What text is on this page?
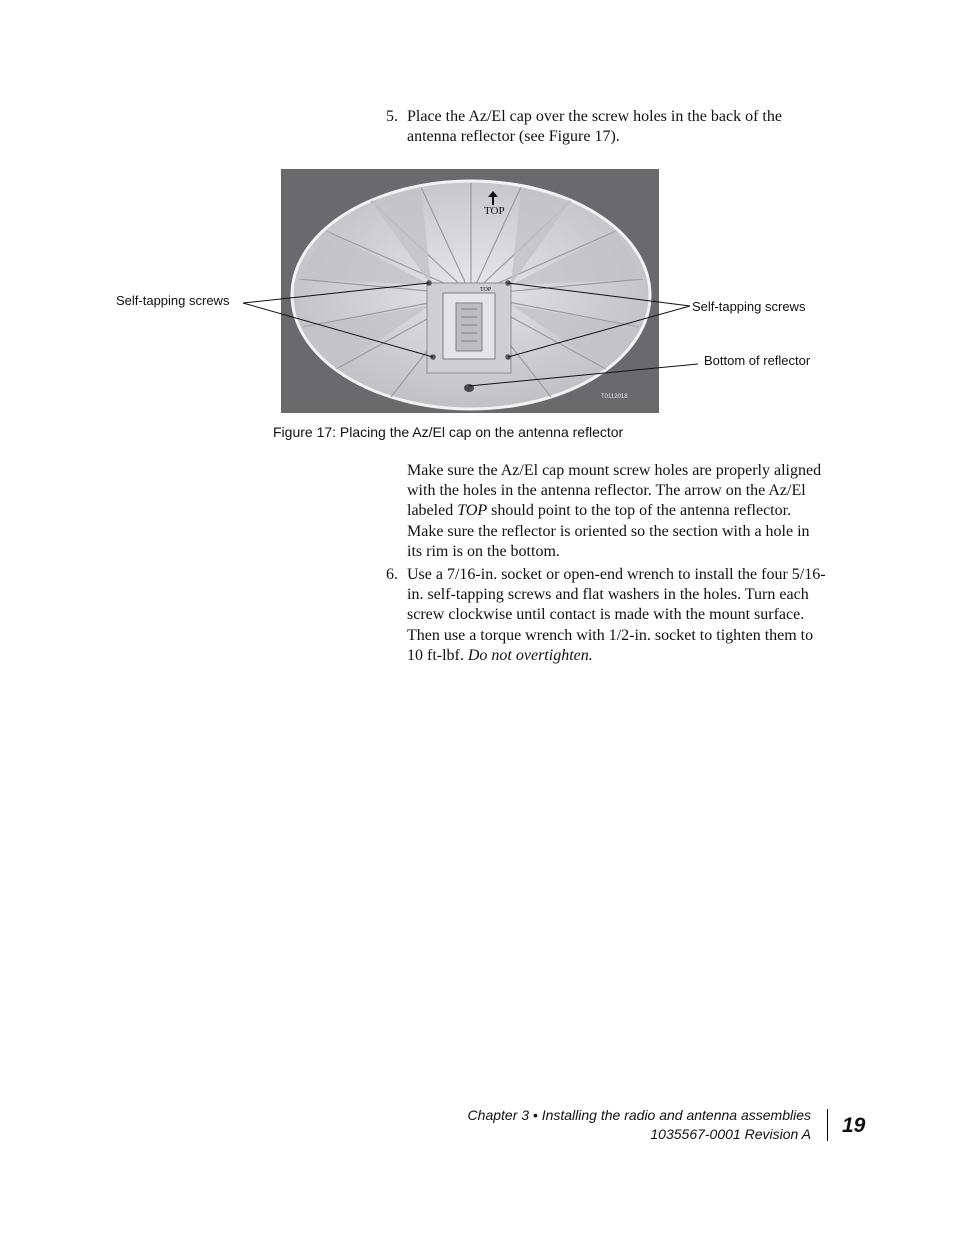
5. Place the Az/El cap over the screw holes in the back of the antenna reflector (see Figure 17).
TOP
TOP
T0112018
Self-tapping screws	Self-tapping screws
Bottom of reflector
Figure 17: Placing the Az/El cap on the antenna reflector
Make sure the Az/El cap mount screw holes are properly aligned with the holes in the antenna reflector. The arrow on the Az/El labeled TOP should point to the top of the antenna reflector. Make sure the reflector is oriented so the section with a hole in its rim is on the bottom.
6. Use a 7/16-in. socket or open-end wrench to install the four 5/16-in. self-tapping screws and flat washers in the holes. Turn each screw clockwise until contact is made with the mount surface. Then use a torque wrench with 1/2-in. socket to tighten them to 10 ft-lbf. Do not overtighten.
Chapter 3 • Installing the radio and antenna assemblies
1035567-0001 Revision A 19
